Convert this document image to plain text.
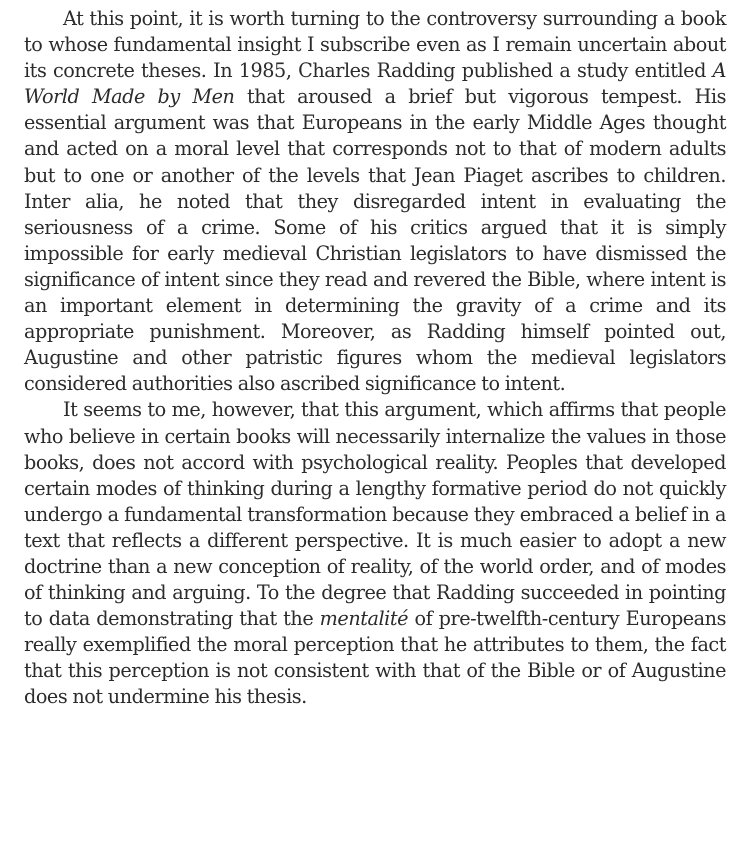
At this point, it is worth turning to the controversy surrounding a book to whose fundamental insight I subscribe even as I remain uncertain about its concrete theses. In 1985, Charles Radding published a study entitled A World Made by Men that aroused a brief but vigorous tempest. His essential argument was that Europeans in the early Middle Ages thought and acted on a moral level that corresponds not to that of modern adults but to one or another of the levels that Jean Piaget ascribes to children. Inter alia, he noted that they disregarded intent in evaluating the seriousness of a crime. Some of his critics argued that it is simply impossible for early medieval Christian legislators to have dismissed the significance of intent since they read and revered the Bible, where intent is an important element in determining the gravity of a crime and its appropriate punishment. Moreover, as Radding himself pointed out, Augustine and other patristic figures whom the medieval legislators considered authorities also ascribed significance to intent.

It seems to me, however, that this argument, which affirms that people who believe in certain books will necessarily internalize the values in those books, does not accord with psychological reality. Peoples that developed certain modes of thinking during a lengthy formative period do not quickly undergo a fundamental transformation because they embraced a belief in a text that reflects a different perspective. It is much easier to adopt a new doctrine than a new conception of reality, of the world order, and of modes of thinking and arguing. To the degree that Radding succeeded in pointing to data demonstrating that the mentalité of pre-twelfth-century Europeans really exemplified the moral perception that he attributes to them, the fact that this perception is not consistent with that of the Bible or of Augustine does not undermine his thesis.
